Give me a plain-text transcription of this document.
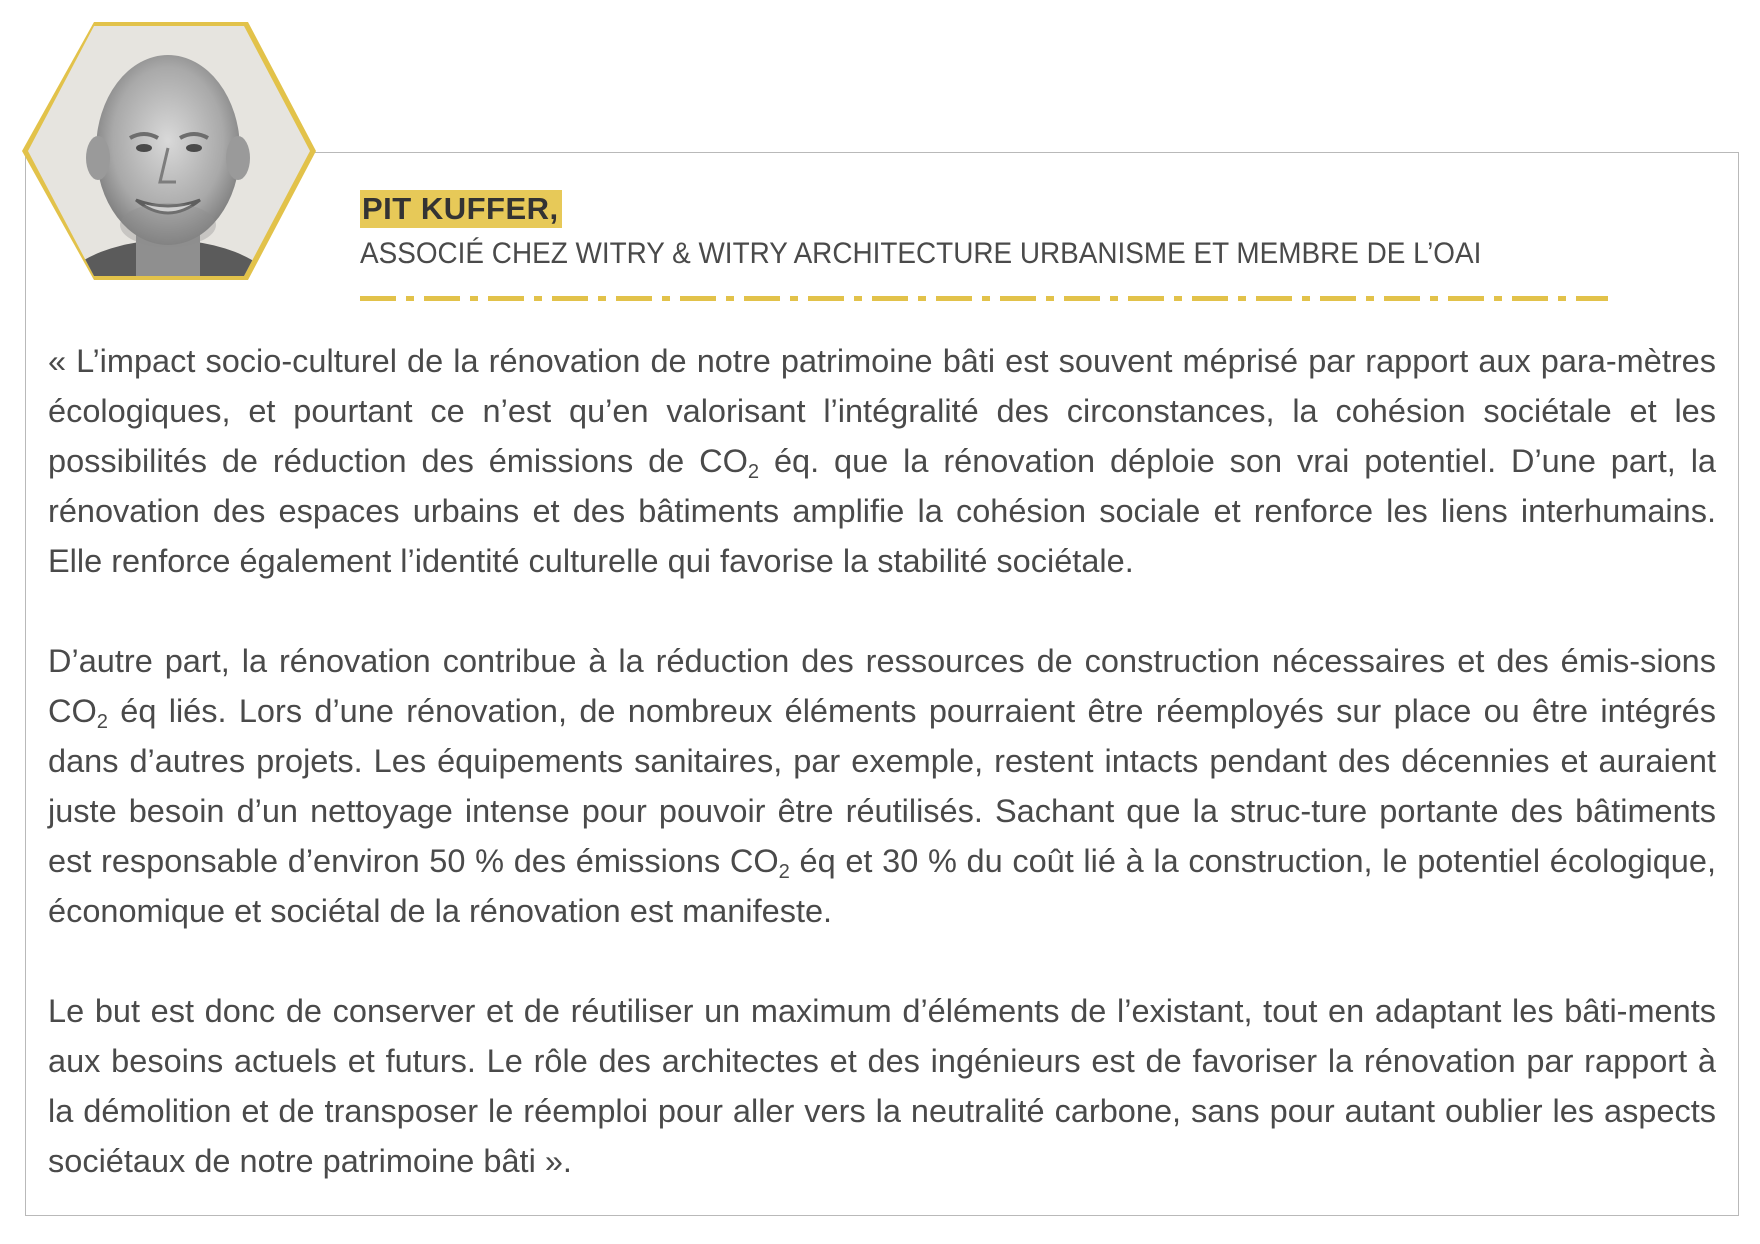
PIT KUFFER,
ASSOCIÉ CHEZ WITRY & WITRY ARCHITECTURE URBANISME ET MEMBRE DE L’OAI

« L’impact socio-culturel de la rénovation de notre patrimoine bâti est souvent méprisé par rapport aux para-mètres écologiques, et pourtant ce n’est qu’en valorisant l’intégralité des circonstances, la cohésion sociétale et les possibilités de réduction des émissions de $CO_2$ éq. que la rénovation déploie son vrai potentiel. D’une part, la rénovation des espaces urbains et des bâtiments amplifie la cohésion sociale et renforce les liens interhumains. Elle renforce également l’identité culturelle qui favorise la stabilité sociétale.

D’autre part, la rénovation contribue à la réduction des ressources de construction nécessaires et des émis-sions $CO_2$ éq liés. Lors d’une rénovation, de nombreux éléments pourraient être réemployés sur place ou être intégrés dans d’autres projets. Les équipements sanitaires, par exemple, restent intacts pendant des décennies et auraient juste besoin d’un nettoyage intense pour pouvoir être réutilisés. Sachant que la struc-ture portante des bâtiments est responsable d’environ 50 % des émissions $CO_2$ éq et 30 % du coût lié à la construction, le potentiel écologique, économique et sociétal de la rénovation est manifeste.

Le but est donc de conserver et de réutiliser un maximum d’éléments de l’existant, tout en adaptant les bâti-ments aux besoins actuels et futurs. Le rôle des architectes et des ingénieurs est de favoriser la rénovation par rapport à la démolition et de transposer le réemploi pour aller vers la neutralité carbone, sans pour autant oublier les aspects sociétaux de notre patrimoine bâti ».
